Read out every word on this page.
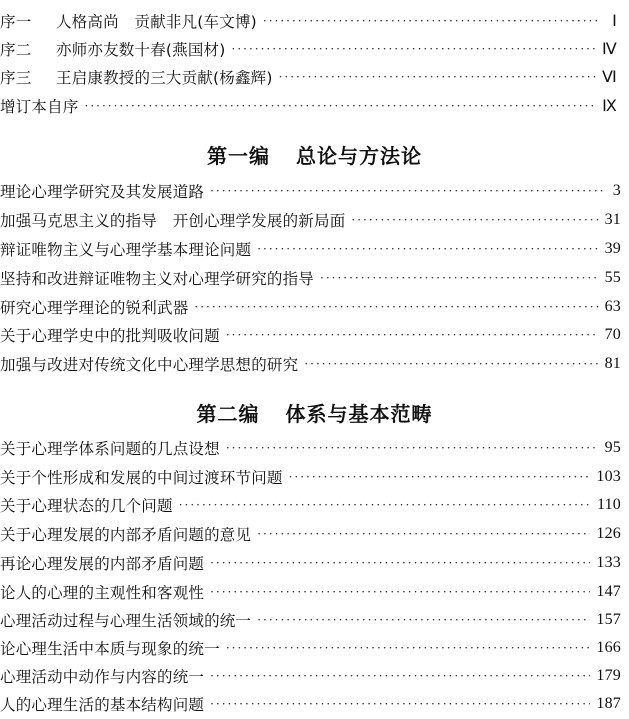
序一 人格高尚　贡献非凡(车文博) ·····	Ⅰ
序二 亦师亦友数十春(燕国材) ·····	Ⅳ
序三 王启康教授的三大贡献(杨鑫辉) ·····	Ⅵ
增订本自序 ·····	Ⅸ
第一编 总论与方法论
理论心理学研究及其发展道路 ·····	3
加强马克思主义的指导　开创心理学发展的新局面 ·····	31
辩证唯物主义与心理学基本理论问题 ·····	39
坚持和改进辩证唯物主义对心理学研究的指导 ·····	55
研究心理学理论的锐利武器 ·····	63
关于心理学史中的批判吸收问题 ·····	70
加强与改进对传统文化中心理学思想的研究 ·····	81
第二编 体系与基本范畴
关于心理学体系问题的几点设想 ·····	95
关于个性形成和发展的中间过渡环节问题 ·····	103
关于心理状态的几个问题 ·····	110
关于心理发展的内部矛盾问题的意见 ·····	126
再论心理发展的内部矛盾问题 ·····	133
论人的心理的主观性和客观性 ·····	147
心理活动过程与心理生活领域的统一 ·····	157
论心理生活中本质与现象的统一 ·····	166
心理活动中动作与内容的统一 ·····	179
人的心理生活的基本结构问题 ·····	187
